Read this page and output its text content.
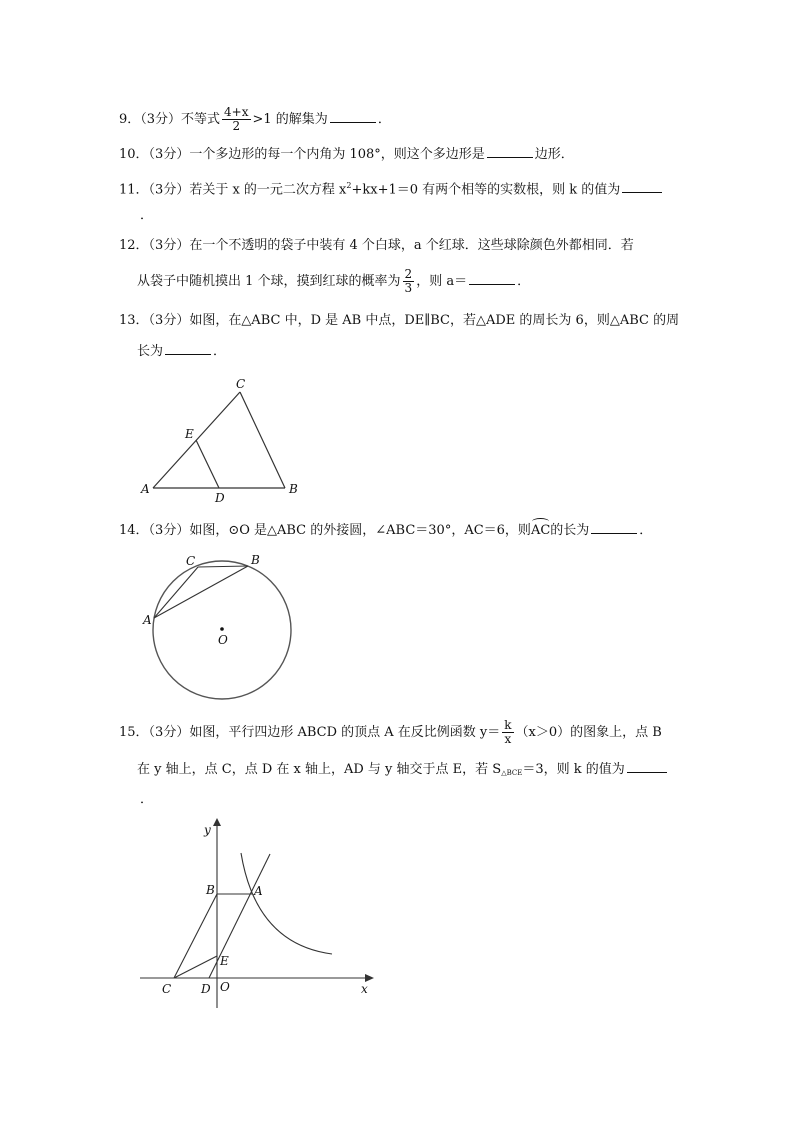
9．（3分）不等式 $\frac{4+x}{2} >1$ 的解集为	．
10．（3分）一个多边形的每一个内角为 108°，则这个多边形是	边形．
11．（3分）若关于 x 的一元二次方程 $x^2+kx+1=0$ 有两个相等的实数根，则 k 的值为
．
12．（3分）在一个不透明的袋子中装有 4 个白球，a 个红球．这些球除颜色外都相同．若
从袋子中随机摸出 1 个球，摸到红球的概率为 $\frac{2}{3}$ ，则 a＝	．
13．（3分）如图，在△ABC 中，D 是 AB 中点，DE∥BC，若△ADE 的周长为 6，则△ABC 的周
长为	．
A	B
C
D
E
14．（3分）如图，⊙O 是△ABC 的外接圆，∠ABC＝30°，AC＝6，则AC的长为	．
A
B
C
O
15．（3分）如图，平行四边形 ABCD 的顶点 A 在反比例函数 $y= \frac{k}{x} (x>0)$的图象上，点 B
在 y 轴上，点 C，点 D 在 x 轴上，AD 与 y 轴交于点 E，若 $S_{\triangle BCE}=3$，则 k 的值为
．
y
x
B	A
E
C D O
